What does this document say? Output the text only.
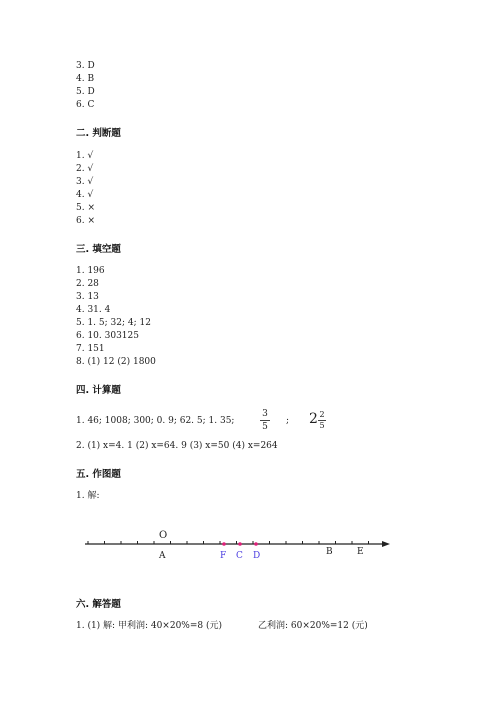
3. D
4. B
5. D
6. C
二. 判断题
1. √
2. √
3. √
4. √
5. ×
6. ×
三. 填空题
1. 196
2. 28
3. 13
4. 31. 4
5. 1. 5; 32; 4; 12
6. 10. 303125
7. 151
8. (1) 12 (2) 1800
四. 计算题
1. 46; 1008; 300; 0. 9; 62. 5; 1. 35;
3
5
; 2 2
5
2. (1) x=4. 1 (2) x=64. 9 (3) x=50 (4) x=264
五. 作图题
1. 解:
O
A	B	E
F C D
六. 解答题
1. (1) 解: 甲利润: 40×20%=8 (元)	乙利润: 60×20%=12 (元)
